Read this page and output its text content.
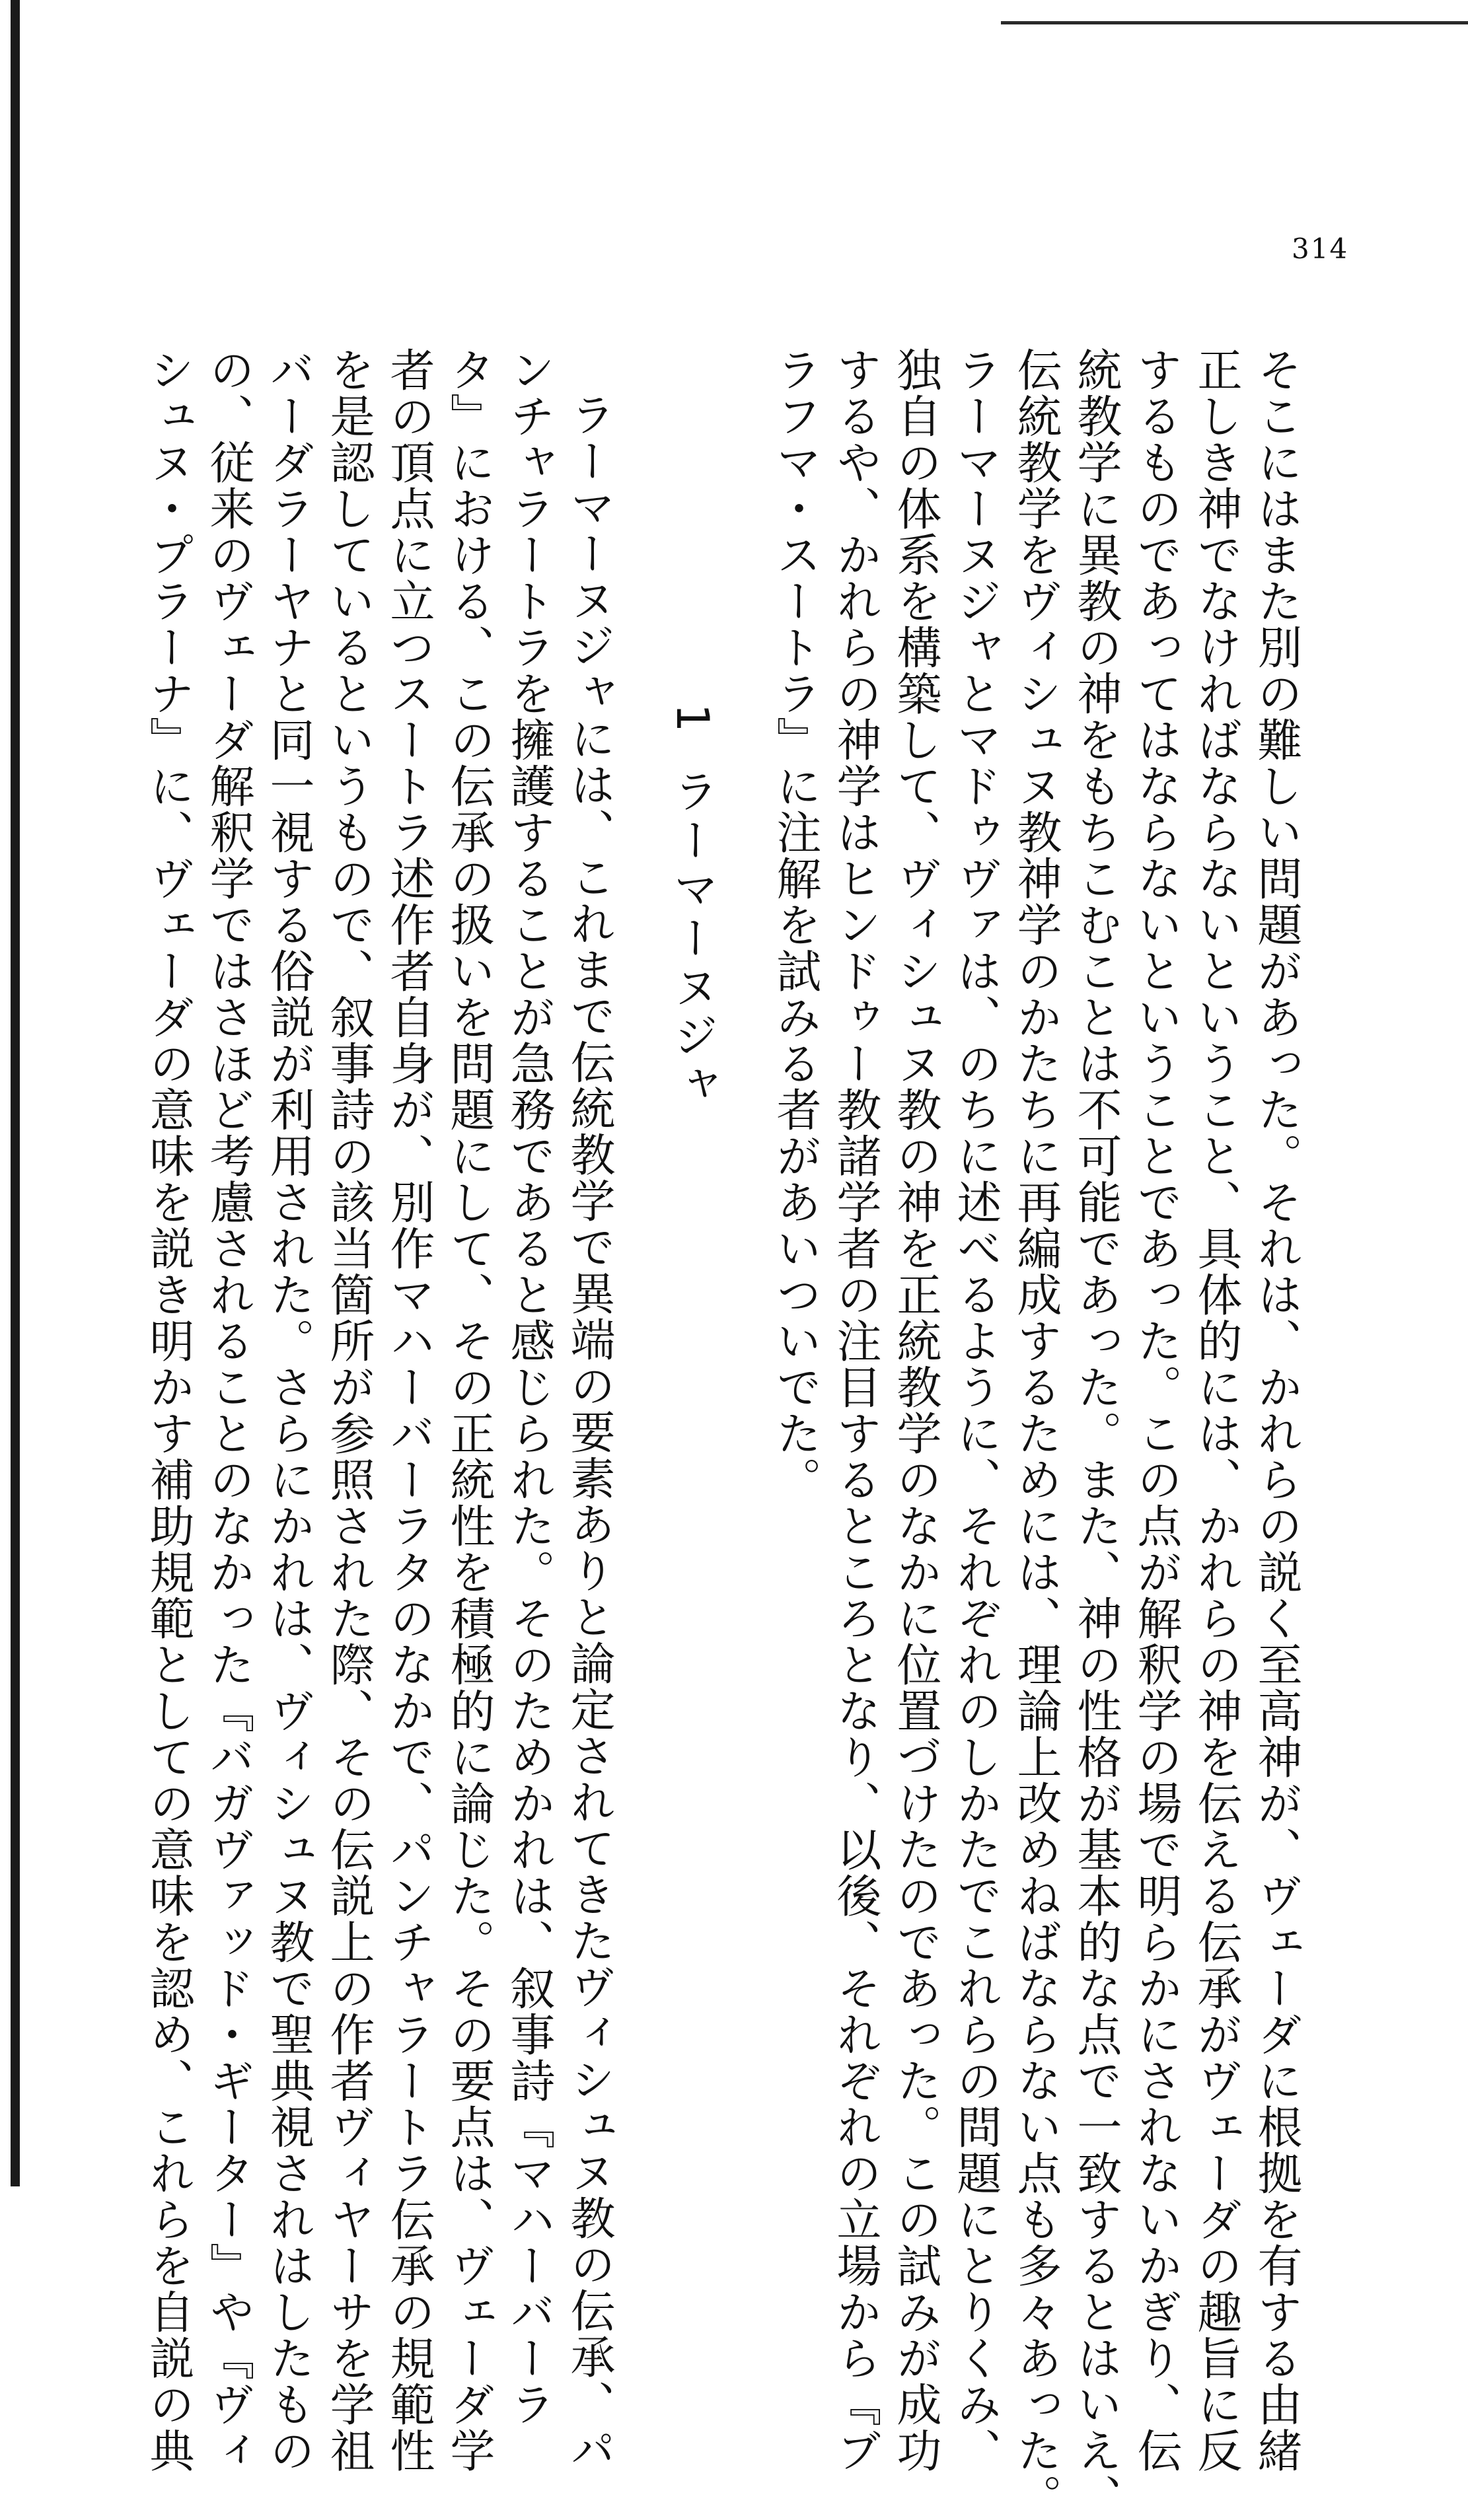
314
そこにはまた別の難しい問題があった。それは、かれらの説く至高神が、ヴェーダに根拠を有する由緒
正しき神でなければならないということ、具体的には、かれらの神を伝える伝承がヴェーダの趣旨に反
するものであってはならないということであった。この点が解釈学の場で明らかにされないかぎり、伝
統教学に異教の神をもちこむことは不可能であった。また、神の性格が基本的な点で一致するとはいえ、
伝統教学をヴィシュヌ教神学のかたちに再編成するためには、理論上改めねばならない点も多々あった。
ラーマーヌジャとマドゥヴァは、のちに述べるように、それぞれのしかたでこれらの問題にとりくみ、
独自の体系を構築して、ヴィシュヌ教の神を正統教学のなかに位置づけたのであった。この試みが成功
するや、かれらの神学はヒンドゥー教諸学者の注目するところとなり、以後、それぞれの立場から『ブ
ラフマ・スートラ』に注解を試みる者があいついでた。
1ラーマーヌジャ
ラーマーヌジャには、これまで伝統教学で異端の要素ありと論定されてきたヴィシュヌ教の伝承、パ
ンチャラートラを擁護することが急務であると感じられた。そのためかれは、叙事詩『マハーバーラ
タ』における、この伝承の扱いを問題にして、その正統性を積極的に論じた。その要点は、ヴェーダ学
者の頂点に立つスートラ述作者自身が、別作マハーバーラタのなかで、パンチャラートラ伝承の規範性
を是認しているというもので、叙事詩の該当箇所が参照された際、その伝説上の作者ヴィヤーサを学祖
バーダラーヤナと同一視する俗説が利用された。さらにかれは、ヴィシュヌ教で聖典視されはしたもの
の、従来のヴェーダ解釈学ではさほど考慮されることのなかった『バガヴァッド・ギーター』や『ヴィ
シュヌ・プラーナ』に、ヴェーダの意味を説き明かす補助規範としての意味を認め、これらを自説の典
